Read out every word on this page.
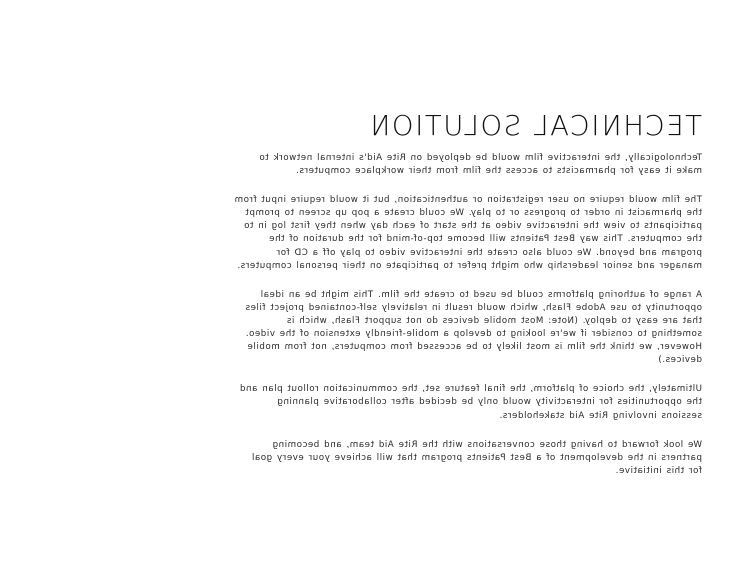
TECHNICAL SOLUTION

Technologically, the interactive film would be deployed on Rite Aid's internal network to make it easy for pharmacists to access the film from their workplace computers.

The film would require no user registration or authentication, but it would require input from the pharmacist in order to progress or to play. We could create a pop up screen to prompt participants to view the interactive video at the start of each day when they first log in to the computers. This way Best Patients will become top-of-mind for the duration of the program and beyond. We could also create the interactive video to play off a CD for manager and senior leadership who might prefer to participate on their personal computers.

A range of authoring platforms could be used to create the film. This might be an ideal opportunity to use Adobe Flash, which would result in relatively self-contained project files that are easy to deploy. (Note: Most mobile devices do not support Flash, which is something to consider if we're looking to develop a mobile-friendly extension of the video. However, we think the film is most likely to be accessed from computers, not from mobile devices.)

Ultimately, the choice of platform, the final feature set, the communication rollout plan and the opportunities for interactivity would only be decided after collaborative planning sessions involving Rite Aid stakeholders.

We look forward to having those conversations with the Rite Aid team, and becoming partners in the development of a Best Patients program that will achieve your every goal for this initiative.
